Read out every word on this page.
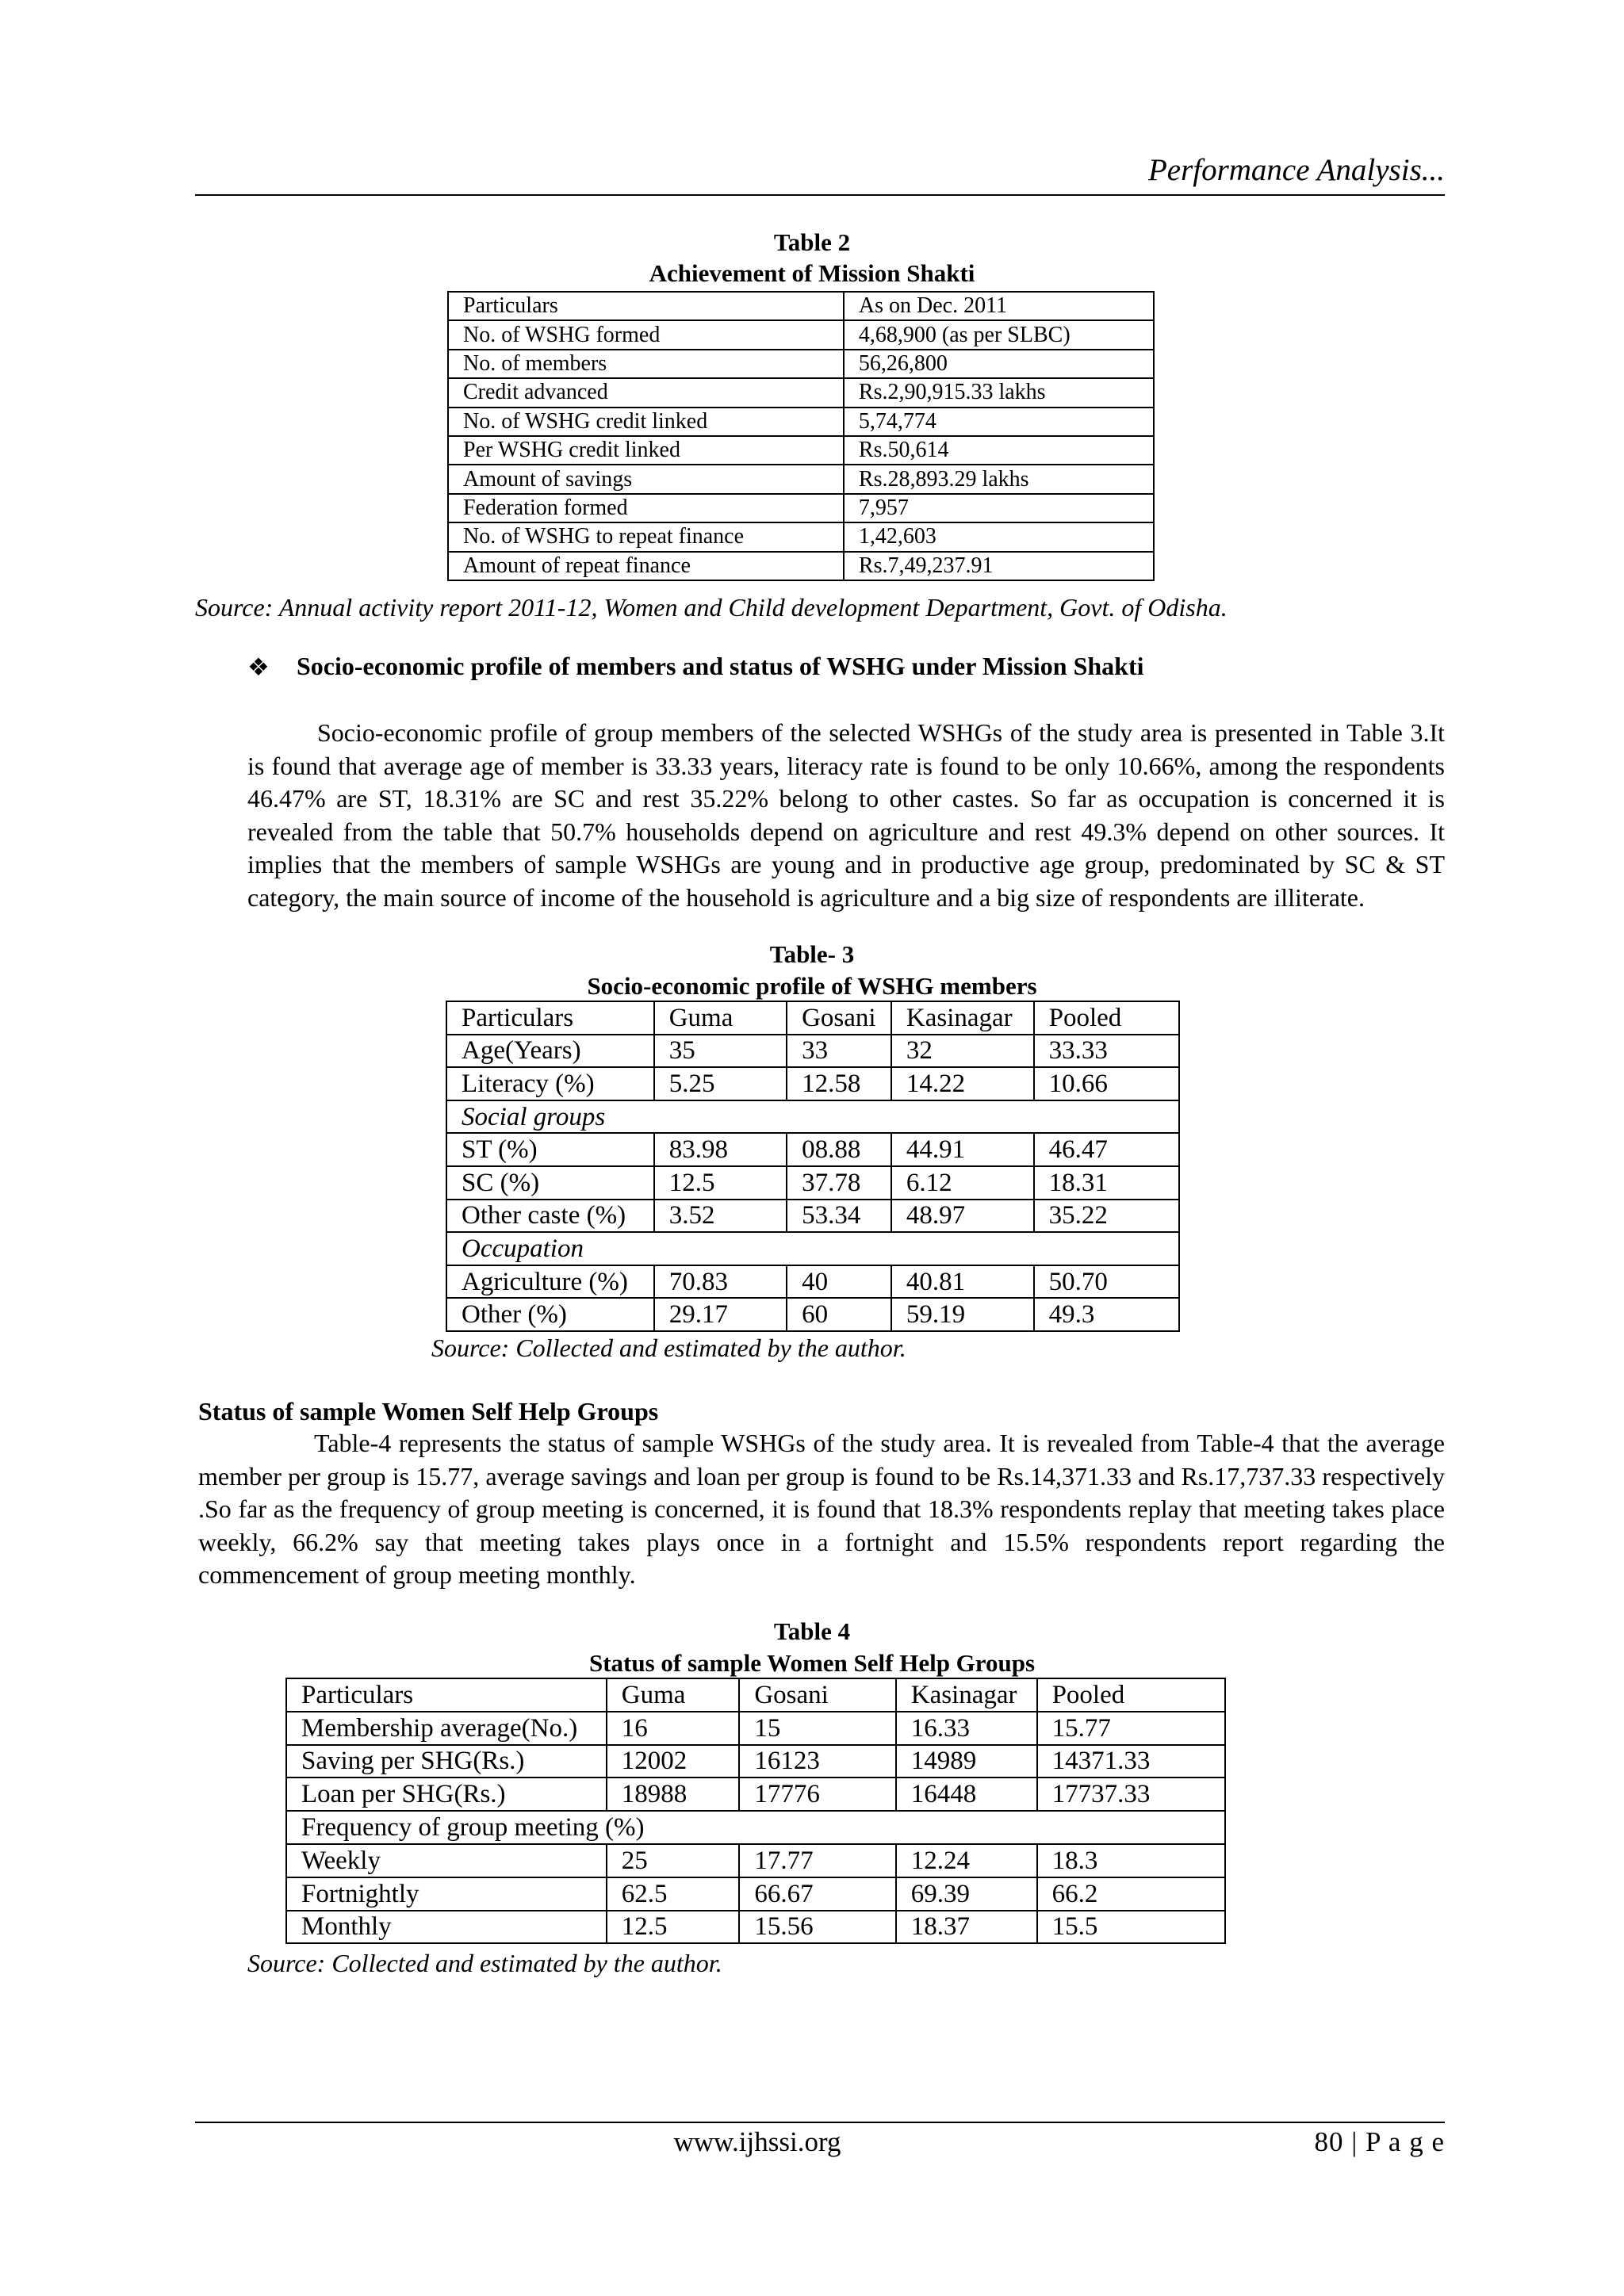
Performance Analysis...
Table 2
Achievement of Mission Shakti
Particulars	As on Dec. 2011
No. of WSHG formed	4,68,900 (as per SLBC)
No. of members	56,26,800
Credit advanced	Rs.2,90,915.33 lakhs
No. of WSHG credit linked	5,74,774
Per WSHG credit linked	Rs.50,614
Amount of savings	Rs.28,893.29 lakhs
Federation formed	7,957
No. of WSHG to repeat finance	1,42,603
Amount of repeat finance	Rs.7,49,237.91
Source: Annual activity report 2011-12, Women and Child development Department, Govt. of Odisha.
❖ Socio-economic profile of members and status of WSHG under Mission Shakti
Socio-economic profile of group members of the selected WSHGs of the study area is presented in Table 3.It is found that average age of member is 33.33 years, literacy rate is found to be only 10.66%, among the respondents 46.47% are ST, 18.31% are SC and rest 35.22% belong to other castes. So far as occupation is concerned it is revealed from the table that 50.7% households depend on agriculture and rest 49.3% depend on other sources. It implies that the members of sample WSHGs are young and in productive age group, predominated by SC & ST category, the main source of income of the household is agriculture and a big size of respondents are illiterate.
Table- 3
Socio-economic profile of WSHG members
Particulars	Guma	Gosani	Kasinagar	Pooled
Age(Years)	35	33	32	33.33
Literacy (%)	5.25	12.58	14.22	10.66
Social groups				
ST (%)	83.98	08.88	44.91	46.47
SC (%)	12.5	37.78	6.12	18.31
Other caste (%)	3.52	53.34	48.97	35.22
Occupation				
Agriculture (%)	70.83	40	40.81	50.70
Other (%)	29.17	60	59.19	49.3
Source: Collected and estimated by the author.
Status of sample Women Self Help Groups
Table-4 represents the status of sample WSHGs of the study area. It is revealed from Table-4 that the average member per group is 15.77, average savings and loan per group is found to be Rs.14,371.33 and Rs.17,737.33 respectively .So far as the frequency of group meeting is concerned, it is found that 18.3% respondents replay that meeting takes place weekly, 66.2% say that meeting takes plays once in a fortnight and 15.5% respondents report regarding the commencement of group meeting monthly.
Table 4
Status of sample Women Self Help Groups
Particulars	Guma	Gosani	Kasinagar	Pooled
Membership average(No.)	16	15	16.33	15.77
Saving per SHG(Rs.)	12002	16123	14989	14371.33
Loan per SHG(Rs.)	18988	17776	16448	17737.33
Frequency of group meeting (%)				
Weekly	25	17.77	12.24	18.3
Fortnightly	62.5	66.67	69.39	66.2
Monthly	12.5	15.56	18.37	15.5
Source: Collected and estimated by the author.
www.ijhssi.org	80 | P a g e
